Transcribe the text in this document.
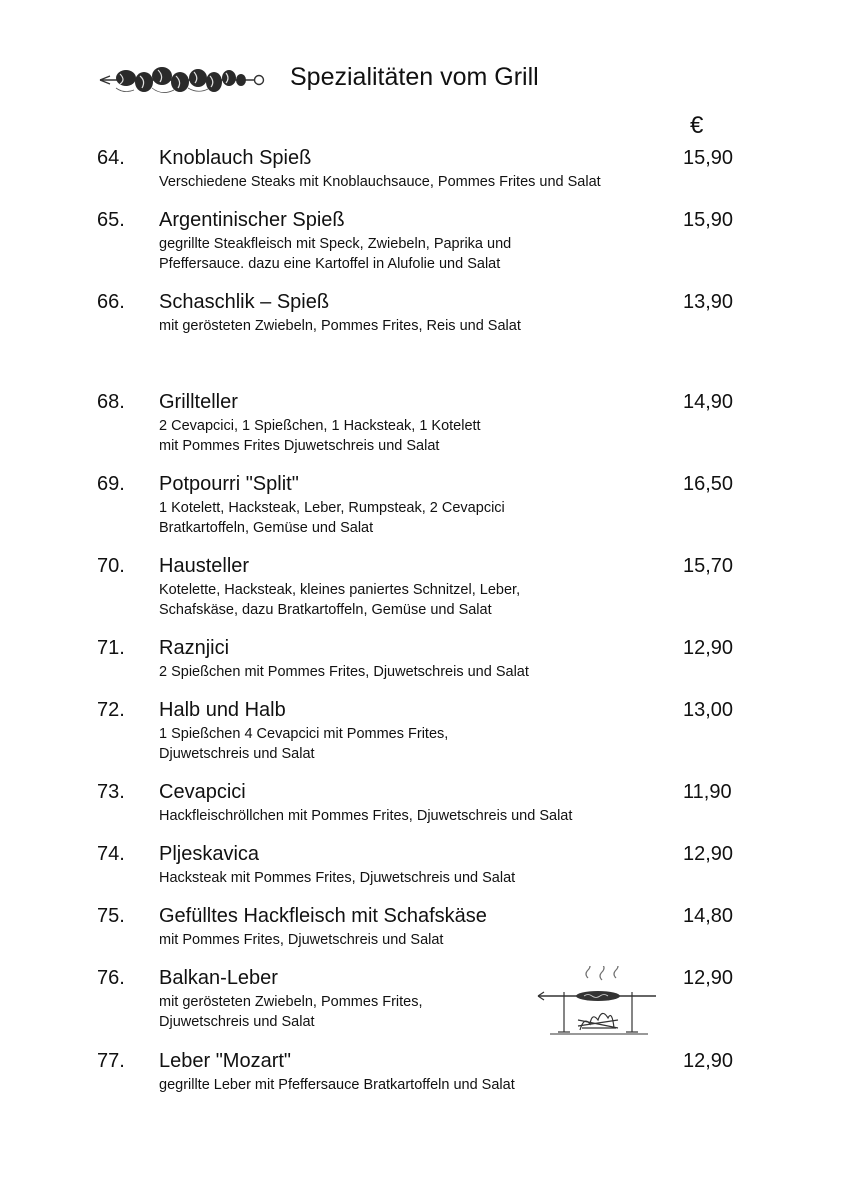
Spezialitäten vom Grill
€
64. Knoblauch Spieß	15,90
Verschiedene Steaks mit Knoblauchsauce, Pommes Frites und Salat
65. Argentinischer Spieß	15,90
gegrillte Steakfleisch mit Speck, Zwiebeln, Paprika und
Pfeffersauce. dazu eine Kartoffel in Alufolie und Salat
66. Schaschlik – Spieß	13,90
mit gerösteten Zwiebeln, Pommes Frites, Reis und Salat
68. Grillteller	14,90
2 Cevapcici, 1 Spießchen, 1 Hacksteak, 1 Kotelett
mit Pommes Frites Djuwetschreis und Salat
69. Potpourri "Split"	16,50
1 Kotelett, Hacksteak, Leber, Rumpsteak, 2 Cevapcici
Bratkartoffeln, Gemüse und Salat
70. Hausteller	15,70
Kotelette, Hacksteak, kleines paniertes Schnitzel, Leber,
Schafskäse, dazu Bratkartoffeln, Gemüse und Salat
71. Raznjici	12,90
2 Spießchen mit Pommes Frites, Djuwetschreis und Salat
72. Halb und Halb	13,00
1 Spießchen 4 Cevapcici mit Pommes Frites,
Djuwetschreis und Salat
73. Cevapcici	11,90
Hackfleischröllchen mit Pommes Frites, Djuwetschreis und Salat
74. Pljeskavica	12,90
Hacksteak mit Pommes Frites, Djuwetschreis und Salat
75. Gefülltes Hackfleisch mit Schafskäse	14,80
mit Pommes Frites, Djuwetschreis und Salat
76. Balkan-Leber	12,90
mit gerösteten Zwiebeln, Pommes Frites,
Djuwetschreis und Salat
77. Leber "Mozart"	12,90
gegrillte Leber mit Pfeffersauce Bratkartoffeln und Salat
